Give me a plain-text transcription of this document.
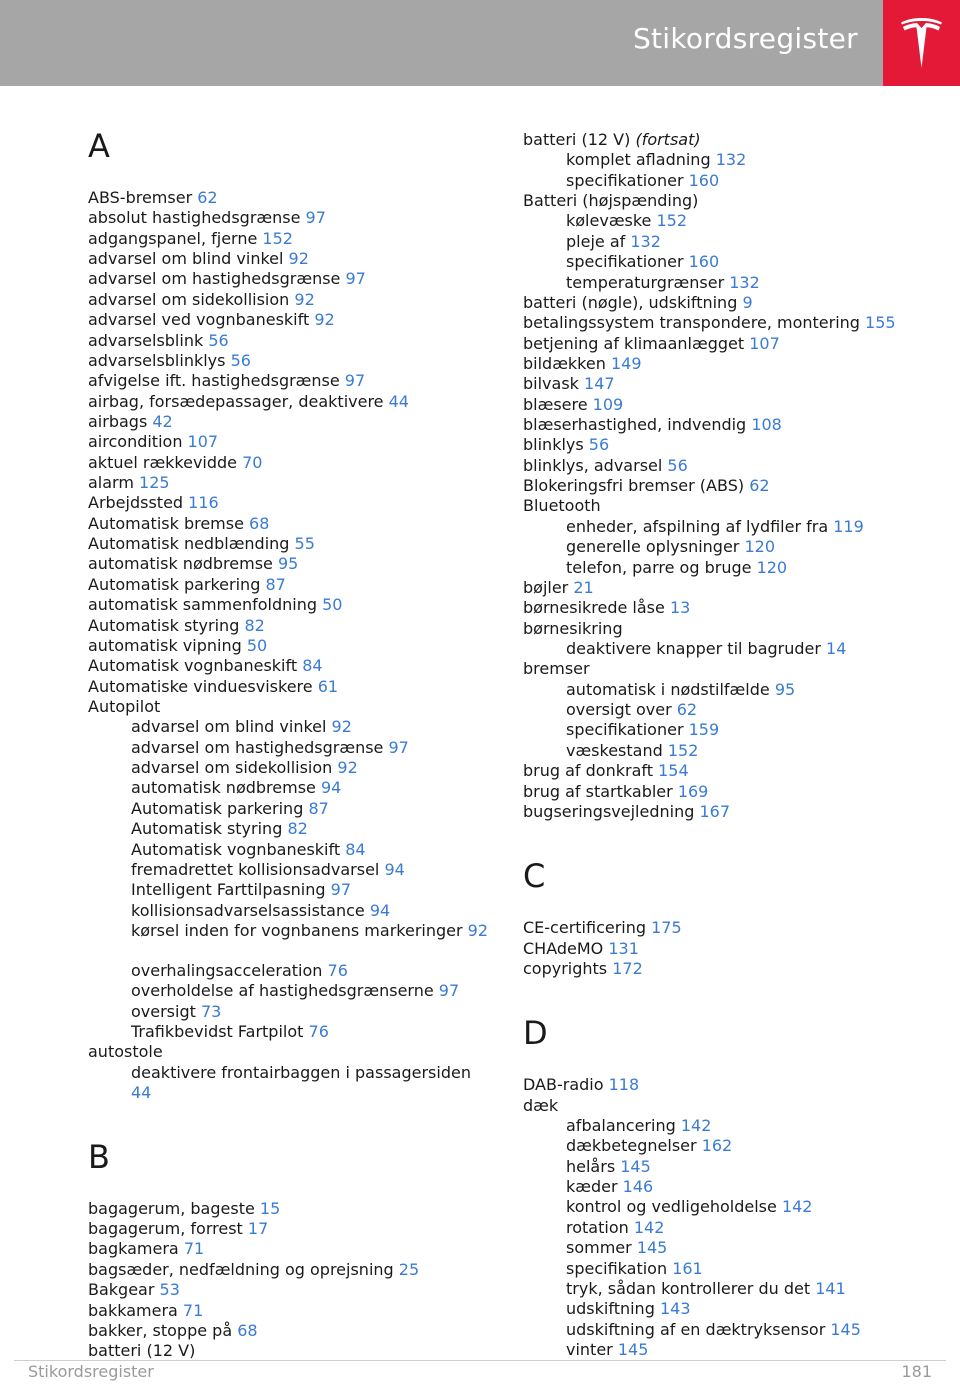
Stikordsregister
A
ABS-bremser 62
absolut hastighedsgrænse 97
adgangspanel, fjerne 152
advarsel om blind vinkel 92
advarsel om hastighedsgrænse 97
advarsel om sidekollision 92
advarsel ved vognbaneskift 92
advarselsblink 56
advarselsblinklys 56
afvigelse ift. hastighedsgrænse 97
airbag, forsædepassager, deaktivere 44
airbags 42
aircondition 107
aktuel rækkevidde 70
alarm 125
Arbejdssted 116
Automatisk bremse 68
Automatisk nedblænding 55
automatisk nødbremse 95
Automatisk parkering 87
automatisk sammenfoldning 50
Automatisk styring 82
automatisk vipning 50
Automatisk vognbaneskift 84
Automatiske vinduesviskere 61
Autopilot
advarsel om blind vinkel 92
advarsel om hastighedsgrænse 97
advarsel om sidekollision 92
automatisk nødbremse 94
Automatisk parkering 87
Automatisk styring 82
Automatisk vognbaneskift 84
fremadrettet kollisionsadvarsel 94
Intelligent Farttilpasning 97
kollisionsadvarselsassistance 94
kørsel inden for vognbanens markeringer 92
overhalingsacceleration 76
overholdelse af hastighedsgrænserne 97
oversigt 73
Trafikbevidst Fartpilot 76
autostole
deaktivere frontairbaggen i passagersiden 44
B
bagagerum, bageste 15
bagagerum, forrest 17
bagkamera 71
bagsæder, nedfældning og oprejsning 25
Bakgear 53
bakkamera 71
bakker, stoppe på 68
batteri (12 V)
batteri (12 V) (fortsat)
komplet afladning 132
specifikationer 160
Batteri (højspænding)
kølevæske 152
pleje af 132
specifikationer 160
temperaturgrænser 132
batteri (nøgle), udskiftning 9
betalingssystem transpondere, montering 155
betjening af klimaanlægget 107
bildækken 149
bilvask 147
blæsere 109
blæserhastighed, indvendig 108
blinklys 56
blinklys, advarsel 56
Blokeringsfri bremser (ABS) 62
Bluetooth
enheder, afspilning af lydfiler fra 119
generelle oplysninger 120
telefon, parre og bruge 120
bøjler 21
børnesikrede låse 13
børnesikring
deaktivere knapper til bagruder 14
bremser
automatisk i nødstilfælde 95
oversigt over 62
specifikationer 159
væskestand 152
brug af donkraft 154
brug af startkabler 169
bugseringsvejledning 167
C
CE-certificering 175
CHAdeMO 131
copyrights 172
D
DAB-radio 118
dæk
afbalancering 142
dækbetegnelser 162
helårs 145
kæder 146
kontrol og vedligeholdelse 142
rotation 142
sommer 145
specifikation 161
tryk, sådan kontrollerer du det 141
udskiftning 143
udskiftning af en dæktryksensor 145
vinter 145
Stikordsregister	181
